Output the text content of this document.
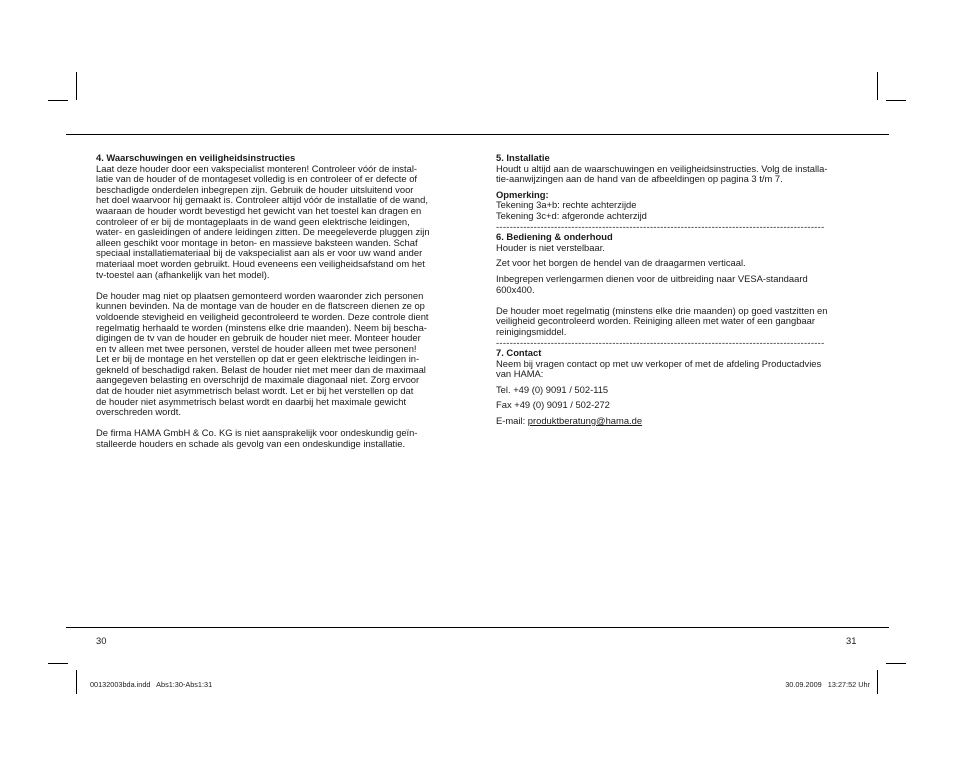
4. Waarschuwingen en veiligheidsinstructies

Laat deze houder door een vakspecialist monteren! Controleer vóór de instal-

latie van de houder of de montageset volledig is en controleer of er defecte of

beschadigde onderdelen inbegrepen zijn. Gebruik de houder uitsluitend voor

het doel waarvoor hij gemaakt is. Controleer altijd vóór de installatie of de wand,

waaraan de houder wordt bevestigd het gewicht van het toestel kan dragen en

controleer of er bij de montageplaats in de wand geen elektrische leidingen,

water- en gasleidingen of andere leidingen zitten. De meegeleverde pluggen zijn

alleen geschikt voor montage in beton- en massieve baksteen wanden. Schaf

speciaal installatiemateriaal bij de vakspecialist aan als er voor uw wand ander

materiaal moet worden gebruikt. Houd eveneens een veiligheidsafstand om het

tv-toestel aan (afhankelijk van het model).

De houder mag niet op plaatsen gemonteerd worden waaronder zich personen

kunnen bevinden. Na de montage van de houder en de flatscreen dienen ze op

voldoende stevigheid en veiligheid gecontroleerd te worden. Deze controle dient

regelmatig herhaald te worden (minstens elke drie maanden). Neem bij bescha-

digingen de tv van de houder en gebruik de houder niet meer. Monteer houder

en tv alleen met twee personen, verstel de houder alleen met twee personen!

Let er bij de montage en het verstellen op dat er geen elektrische leidingen in-

gekneld of beschadigd raken. Belast de houder niet met meer dan de maximaal

aangegeven belasting en overschrijd de maximale diagonaal niet. Zorg ervoor

dat de houder niet asymmetrisch belast wordt. Let er bij het verstellen op dat

de houder niet asymmetrisch belast wordt en daarbij het maximale gewicht

overschreden wordt.

De firma HAMA GmbH & Co. KG is niet aansprakelijk voor ondeskundig geïn-

stalleerde houders en schade als gevolg van een ondeskundige installatie.

5. Installatie

Houdt u altijd aan de waarschuwingen en veiligheidsinstructies. Volg de installa-

tie-aanwijzingen aan de hand van de afbeeldingen op pagina 3 t/m 7.

Opmerking:

Tekening 3a+b: rechte achterzijde

Tekening 3c+d: afgeronde achterzijd

------------------------------------------------------------------------------------------------

6. Bediening & onderhoud

Houder is niet verstelbaar.

Zet voor het borgen de hendel van de draagarmen verticaal.

Inbegrepen verlengarmen dienen voor de uitbreiding naar VESA-standaard

600x400.

De houder moet regelmatig (minstens elke drie maanden) op goed vastzitten en

veiligheid gecontroleerd worden. Reiniging alleen met water of een gangbaar

reinigingsmiddel.

------------------------------------------------------------------------------------------------

7. Contact

Neem bij vragen contact op met uw verkoper of met de afdeling Productadvies

van HAMA:

Tel. +49 (0) 9091 / 502-115

Fax +49 (0) 9091 / 502-272

E-mail: produktberatung@hama.de

30	31
00132003bda.indd   Abs1:30-Abs1:31	30.09.2009   13:27:52 Uhr
